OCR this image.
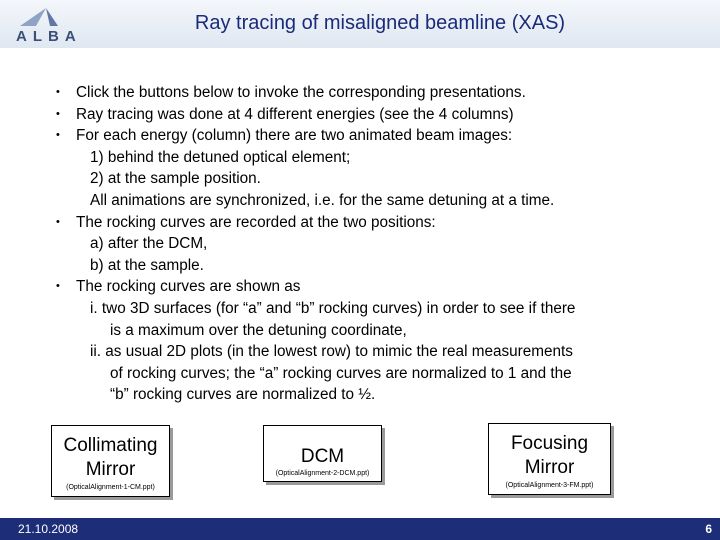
ALBA
Ray tracing of misaligned beamline (XAS)
• Click the buttons below to invoke the corresponding presentations.
• Ray tracing was done at 4 different energies (see the 4 columns)
• For each energy (column) there are two animated beam images:
1) behind the detuned optical element;
2) at the sample position.
All animations are synchronized, i.e. for the same detuning at a time.
• The rocking curves are recorded at the two positions:
a) after the DCM,
b) at the sample.
• The rocking curves are shown as
i. two 3D surfaces (for “a” and “b” rocking curves) in order to see if there
is a maximum over the detuning coordinate,
ii. as usual 2D plots (in the lowest row) to mimic the real measurements
of rocking curves; the “a” rocking curves are normalized to 1 and the
“b” rocking curves are normalized to ½.
Collimating
Mirror
(OpticalAlignment-1-CM.ppt)
DCM
(OpticalAlignment-2-DCM.ppt)
Focusing
Mirror
(OpticalAlignment-3-FM.ppt)
21.10.2008	6
